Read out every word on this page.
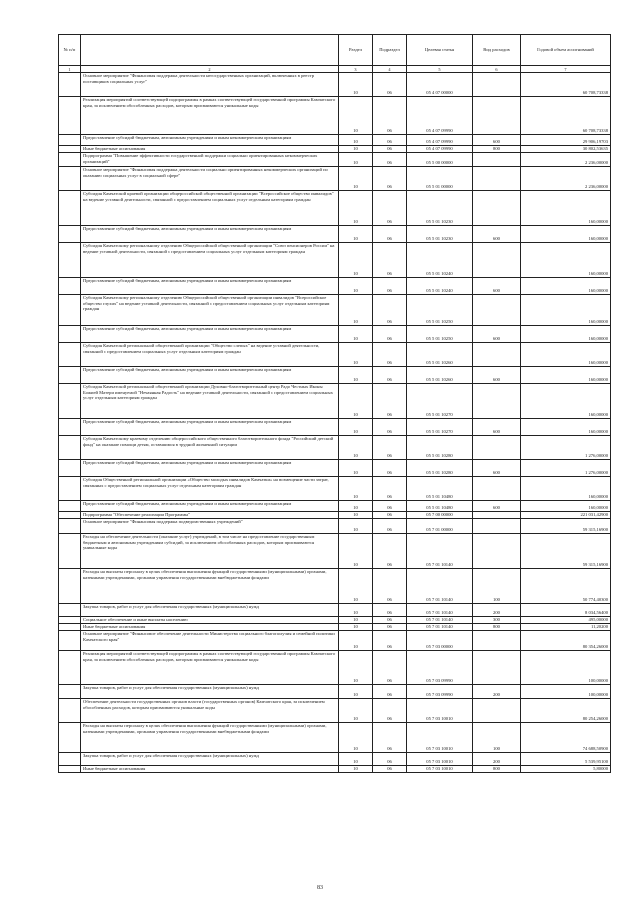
№ п/п		Раздел	Подраздел	Целевая статья	Вид расходов	Годовой объем ассигнований
1	2	3	4	5	6	7
	Основное мероприятие "Финансовая поддержка деятельности негосударственных организаций, включенных в реестр поставщиков социальных услуг"	10	06	05 4 07 00000		60 708,73338
	Реализация мероприятий соответствующей подпрограммы в рамках соответствующей государственной программы Камчатского края, за исключением обособленных расходов, которым присваиваются уникальные коды	10	06	05 4 07 09990		60 708,73338
	Предоставление субсидий бюджетным, автономным учреждениям и иным некоммерческим организациям	10	06	05 4 07 09990	600	29 906,19703
	Иные бюджетные ассигнования	10	06	05 4 07 09990	800	30 802,53635
	Подпрограмма "Повышение эффективности государственной поддержки социально ориентированных некоммерческих организаций"	10	06	05 5 00 00000		2 236,00000
	Основное мероприятие "Финансовая поддержка деятельности социально ориентированных некоммерческих организаций по оказанию социальных услуг в социальной сфере"	10	06	05 5 01 00000		2 236,00000
	Субсидия Камчатской краевой организации общероссийской общественной организации "Всероссийское общество инвалидов" на ведение уставной деятельности, связанной с предоставлением социальных услуг отдельным категориям граждан	10	06	05 5 01 10230		160,00000
	Предоставление субсидий бюджетным, автономным учреждениям и иным некоммерческим организациям	10	06	05 5 01 10230	600	160,00000
	Субсидия Камчатскому региональному отделению Общероссийской общественной организации "Союз пенсионеров России" на ведение уставной деятельности, связанной с предоставлением социальных услуг отдельным категориям граждан	10	06	05 5 01 10240		160,00000
	Предоставление субсидий бюджетным, автономным учреждениям и иным некоммерческим организациям	10	06	05 5 01 10240	600	160,00000
	Субсидия Камчатскому региональному отделению Общероссийской общественной организации инвалидов "Всероссийское общество глухих" на ведение уставной деятельности, связанной с предоставлением социальных услуг отдельным категориям граждан	10	06	05 5 01 10250		160,00000
	Предоставление субсидий бюджетным, автономным учреждениям и иным некоммерческим организациям	10	06	05 5 01 10250	600	160,00000
	Субсидия Камчатской региональной общественной организации "Общество слепых" на ведение уставной деятельности, связанной с предоставлением социальных услуг отдельным категориям граждан	10	06	05 5 01 10260		160,00000
	Предоставление субсидий бюджетным, автономным учреждениям и иным некоммерческим организациям	10	06	05 5 01 10260	600	160,00000
	Субсидия Камчатской региональной общественной организации Духовно-благотворительный центр Радо Честных Иконы Божией Матери именуемой "Нечаянная Радость" на ведение уставной деятельности, связанной с предоставлением социальных услуг отдельным категориям граждан	10	06	05 5 01 10270		160,00000
	Предоставление субсидий бюджетным, автономным учреждениям и иным некоммерческим организациям	10	06	05 5 01 10270	600	160,00000
	Субсидия Камчатскому краевому отделению общероссийского общественного благотворительного фонда "Российский детский фонд" на оказание помощи детям, оставшимся в трудной жизненной ситуации	10	06	05 5 01 10280		1 276,00000
	Предоставление субсидий бюджетным, автономным учреждениям и иным некоммерческим организациям	10	06	05 5 01 10280	600	1 276,00000
	Субсидия Общественной региональной организации «Общество молодых инвалидов Камчатки» на возмещение части затрат, связанных с предоставлением социальных услуг отдельным категориям граждан	10	06	05 5 01 10480		160,00000
	Предоставление субсидий бюджетным, автономным учреждениям и иным некоммерческим организациям	10	06	05 5 01 10480	600	160,00000
	Подпрограмма "Обеспечение реализации Программы"	10	06	05 7 00 00000		221 031,42900
	Основное мероприятие "Финансовая поддержка подведомственных учреждений"	10	06	05 7 01 00000		59 315,16900
	Расходы на обеспечение деятельности (оказание услуг) учреждений, в том числе на предоставление государственным бюджетным и автономным учреждениям субсидий, за исключением обособленных расходов, которым присваиваются уникальные коды	10	06	05 7 01 10140		59 315,16900
	Расходы на выплаты персоналу в целях обеспечения выполнения функций государственными (муниципальными) органами, казенными учреждениями, органами управления государственными внебюджетными фондами	10	06	05 7 01 10140	100	50 774,40300
	Закупка товаров, работ и услуг для обеспечения государственных (муниципальных) нужд	10	06	05 7 01 10140	200	8 034,56400
	Социальное обеспечение и иные выплаты населению	10	06	05 7 01 10140	300	495,00000
	Иные бюджетные ассигнования	10	06	05 7 01 10140	800	11,20200
	Основное мероприятие "Финансовое обеспечение деятельности Министерства социального благополучия и семейной политики Камчатского края"	10	06	05 7 03 00000		80 354,26000
	Реализация мероприятий соответствующей подпрограммы в рамках соответствующей государственной программы Камчатского края, за исключением обособленных расходов, которым присваиваются уникальные коды	10	06	05 7 03 09990		100,00000
	Закупка товаров, работ и услуг для обеспечения государственных (муниципальных) нужд	10	06	05 7 03 09990	200	100,00000
	Обеспечение деятельности государственных органов власти (государственных органов) Камчатского края, за исключением обособленных расходов, которым присваиваются уникальные коды	10	06	05 7 03 10010		80 254,26000
	Расходы на выплаты персоналу в целях обеспечения выполнения функций государственными (муниципальными) органами, казенными учреждениями, органами управления государственными внебюджетными фондами	10	06	05 7 03 10010	100	74 688,50900
	Закупка товаров, работ и услуг для обеспечения государственных (муниципальных) нужд	10	06	05 7 03 10010	200	5 539,95100
	Иные бюджетные ассигнования	10	06	05 7 03 10010	800	5,80000
83
